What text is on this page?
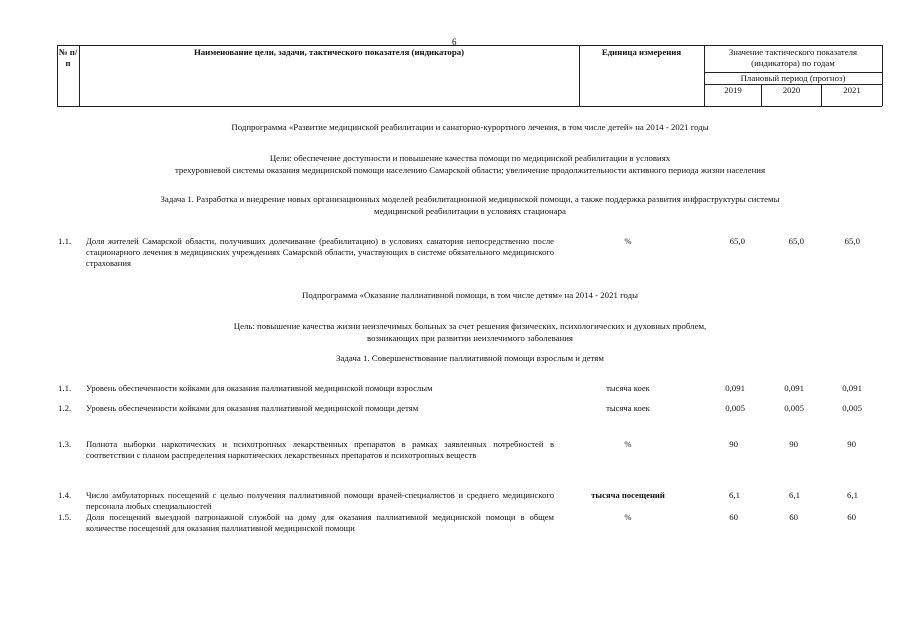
6
№ п/п
Наименование цели, задачи, тактического показателя (индикатора)	Единица измерения	Значение тактического показателя (индикатора) по годам
Плановый период (прогноз)
2019	2020	2021
Подпрограмма «Развитие медицинской реабилитации и санаторно-курортного лечения, в том числе детей» на 2014 - 2021 годы
Цели: обеспечение доступности и повышение качества помощи по медицинской реабилитации в условиях
трехуровневой системы оказания медицинской помощи населению Самарской области; увеличение продолжительности активного периода жизни населения
Задача 1. Разработка и внедрение новых организационных моделей реабилитационной медицинской помощи, а также поддержка развития инфраструктуры системы
медицинской реабилитации в условиях стационара
1.1. Доля жителей Самарской области, получивших долечивание (реабилитацию) в условиях санатория непосредственно после стационарного лечения в медицинских учреждениях Самарской области, участвующих в системе обязательного медицинского страхования
%	65,0	65,0	65,0
Подпрограмма «Оказание паллиативной помощи, в том числе детям» на 2014 - 2021 годы
Цель: повышение качества жизни неизлечимых больных за счет решения физических, психологических и духовных проблем,
возникающих при развитии неизлечимого заболевания
Задача 1. Совершенствование паллиативной помощи взрослым и детям
1.1. Уровень обеспеченности койками для оказания паллиативной медицинской помощи взрослым	тысяча коек	0,091	0,091	0,091
1.2. Уровень обеспеченности койками для оказания паллиативной медицинской помощи детям	тысяча коек	0,005	0,005	0,005
1.3. Полнота выборки наркотических и психотропных лекарственных препаратов в рамках заявленных потребностей в соответствии с планом распределения наркотических лекарственных препаратов и психотропных веществ
%	90	90	90
1.4. Число амбулаторных посещений с целью получения паллиативной помощи врачей-специалистов и среднего медицинского персонала любых специальностей
тысяча посещений	6,1	6,1	6,1
1.5. Доля посещений выездной патронажной службой на дому для оказания паллиативной медицинской помощи в общем количестве посещений для оказания паллиативной медицинской помощи
%	60	60	60
